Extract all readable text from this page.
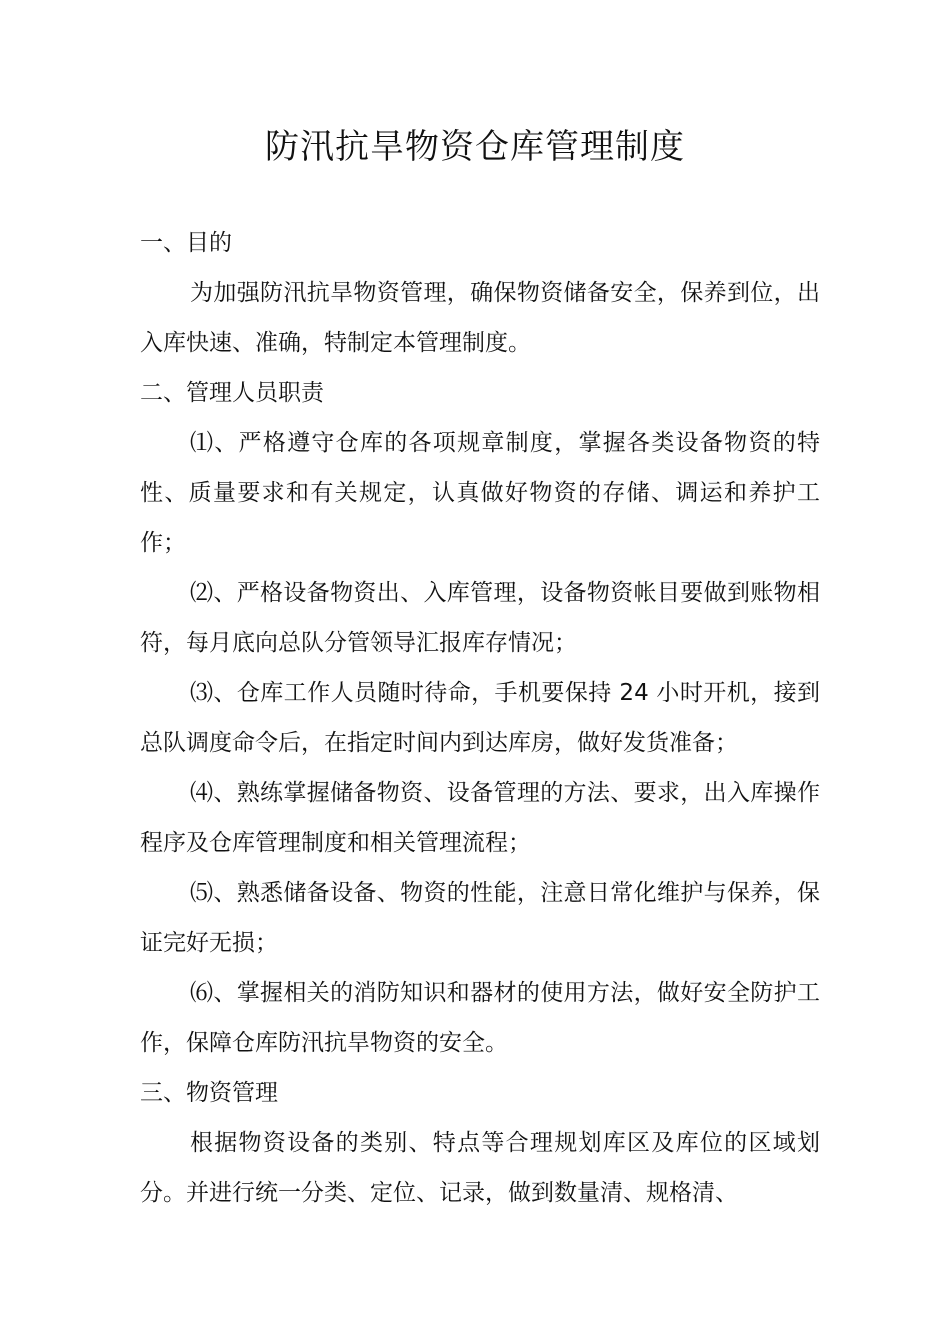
防汛抗旱物资仓库管理制度

一、目的

为加强防汛抗旱物资管理，确保物资储备安全，保养到位，出入库快速、准确，特制定本管理制度。

二、管理人员职责

⑴、严格遵守仓库的各项规章制度，掌握各类设备物资的特性、质量要求和有关规定，认真做好物资的存储、调运和养护工作；

⑵、严格设备物资出、入库管理，设备物资帐目要做到账物相符，每月底向总队分管领导汇报库存情况；

⑶、仓库工作人员随时待命，手机要保持 24 小时开机，接到总队调度命令后，在指定时间内到达库房，做好发货准备；

⑷、熟练掌握储备物资、设备管理的方法、要求，出入库操作程序及仓库管理制度和相关管理流程；

⑸、熟悉储备设备、物资的性能，注意日常化维护与保养，保证完好无损；

⑹、掌握相关的消防知识和器材的使用方法，做好安全防护工作，保障仓库防汛抗旱物资的安全。

三、物资管理

根据物资设备的类别、特点等合理规划库区及库位的区域划分。并进行统一分类、定位、记录，做到数量清、规格清、
